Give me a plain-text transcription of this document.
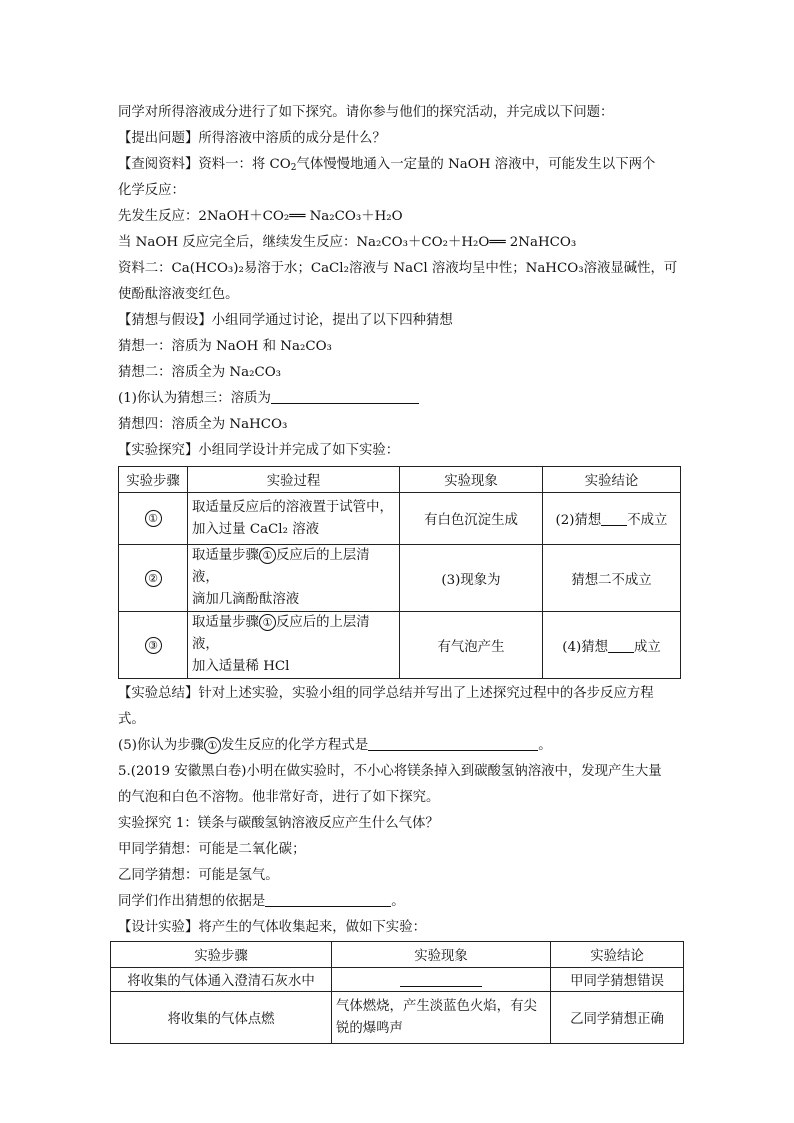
同学对所得溶液成分进行了如下探究。请你参与他们的探究活动，并完成以下问题：
【提出问题】所得溶液中溶质的成分是什么？
【查阅资料】资料一：将 $CO_2$气体慢慢地通入一定量的 NaOH 溶液中，可能发生以下两个
化学反应：
先发生反应：2NaOH＋CO₂══ Na₂CO₃＋H₂O
当 NaOH 反应完全后，继续发生反应：Na₂CO₃＋CO₂＋H₂O══ 2NaHCO₃
资料二：Ca(HCO₃)₂易溶于水；CaCl₂溶液与 NaCl 溶液均呈中性；NaHCO₃溶液显碱性，可
使酚酞溶液变红色。
【猜想与假设】小组同学通过讨论，提出了以下四种猜想
猜想一：溶质为 NaOH 和 Na₂CO₃
猜想二：溶质全为 Na₂CO₃
(1)你认为猜想三：溶质为
猜想四：溶质全为 NaHCO₃
【实验探究】小组同学设计并完成了如下实验：
实验步骤	实验过程	实验现象	实验结论
①	取适量反应后的溶液置于试管中，
加入过量 CaCl₂ 溶液	有白色沉淀生成	(2)猜想 不成立
②	取适量步骤 ① 反应后的上层清液，
滴加几滴酚酞溶液	(3)现象为	猜想二不成立
③	取适量步骤 ① 反应后的上层清液，
加入适量稀 HCl	有气泡产生	(4)猜想 成立
【实验总结】针对上述实验，实验小组的同学总结并写出了上述探究过程中的各步反应方程
式。
(5)你认为步骤 ① 发生反应的化学方程式是	。
5.(2019 安徽黑白卷)小明在做实验时，不小心将镁条掉入到碳酸氢钠溶液中，发现产生大量
的气泡和白色不溶物。他非常好奇，进行了如下探究。
实验探究 1：镁条与碳酸氢钠溶液反应产生什么气体？
甲同学猜想：可能是二氧化碳；
乙同学猜想：可能是氢气。
同学们作出猜想的依据是	。
【设计实验】将产生的气体收集起来，做如下实验：
实验步骤	实验现象	实验结论
将收集的气体通入澄清石灰水中		甲同学猜想错误
将收集的气体点燃	气体燃烧，产生淡蓝色火焰，有尖
锐的爆鸣声	乙同学猜想正确
